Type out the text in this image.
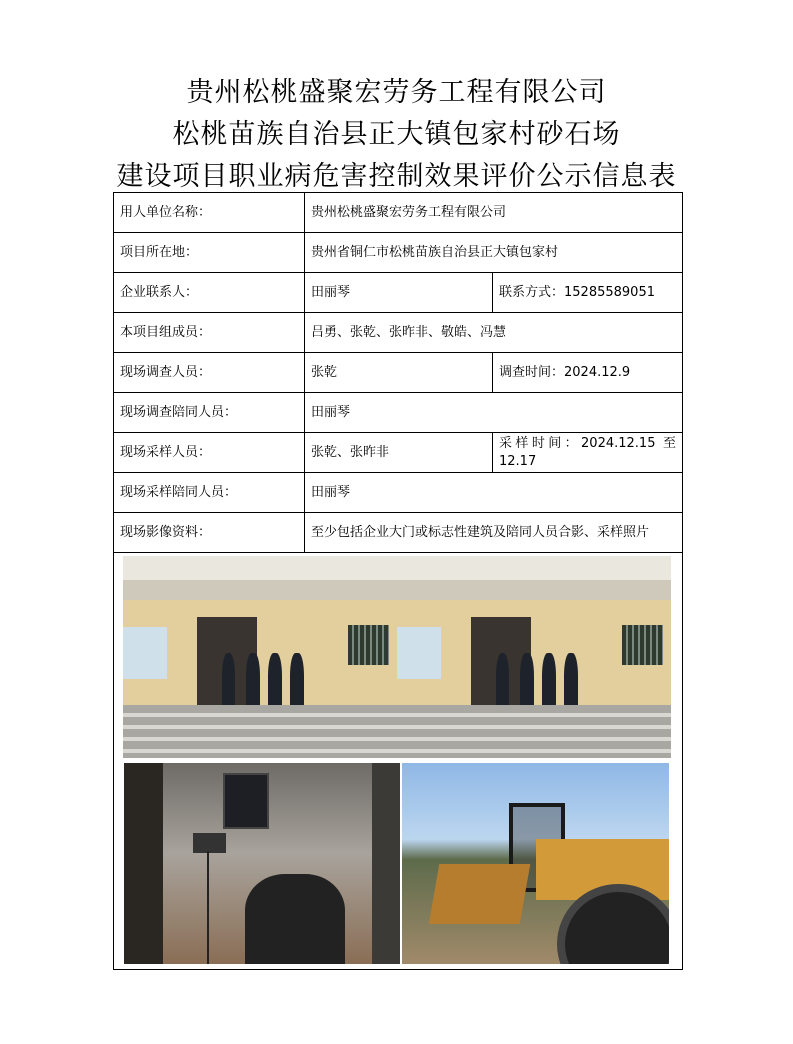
贵州松桃盛聚宏劳务工程有限公司
松桃苗族自治县正大镇包家村砂石场
建设项目职业病危害控制效果评价公示信息表
用人单位名称：	贵州松桃盛聚宏劳务工程有限公司	
项目所在地：	贵州省铜仁市松桃苗族自治县正大镇包家村	
企业联系人：	田丽琴	联系方式：15285589051
本项目组成员：	吕勇、张乾、张昨非、敬皓、冯慧	
现场调查人员：	张乾	调查时间：2024.12.9
现场调查陪同人员：	田丽琴	
现场采样人员：	张乾、张昨非	采样时间：2024.12.15 至 12.17
现场采样陪同人员：	田丽琴	
现场影像资料：	至少包括企业大门或标志性建筑及陪同人员合影、采样照片	
